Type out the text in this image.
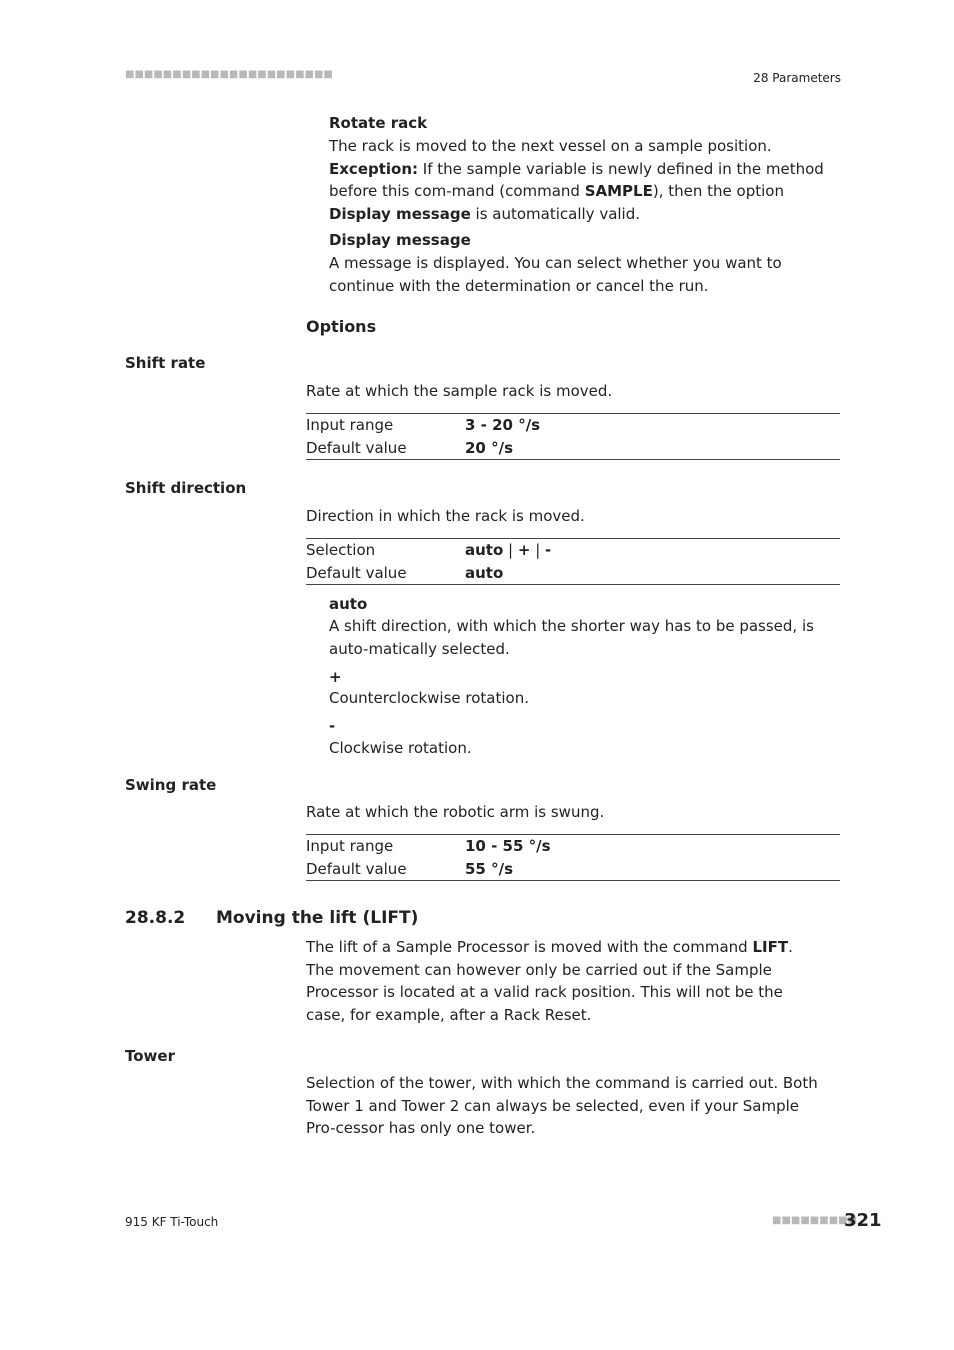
■■■■■■■■■■■■■■■■■■■■■■	28 Parameters
Rotate rack
The rack is moved to the next vessel on a sample position. Exception: If the sample variable is newly defined in the method before this com-mand (command SAMPLE), then the option Display message is automatically valid.
Display message
A message is displayed. You can select whether you want to continue with the determination or cancel the run.
Options
Shift rate
Rate at which the sample rack is moved.
Input range	3 - 20 °/s
Default value	20 °/s
Shift direction
Direction in which the rack is moved.
Selection	auto | + | -
Default value	auto
auto
A shift direction, with which the shorter way has to be passed, is auto-matically selected.
+
Counterclockwise rotation.
-
Clockwise rotation.
Swing rate
Rate at which the robotic arm is swung.
Input range	10 - 55 °/s
Default value	55 °/s
28.8.2 Moving the lift (LIFT)
The lift of a Sample Processor is moved with the command LIFT. The movement can however only be carried out if the Sample Processor is located at a valid rack position. This will not be the case, for example, after a Rack Reset.
Tower
Selection of the tower, with which the command is carried out. Both Tower 1 and Tower 2 can always be selected, even if your Sample Pro-cessor has only one tower.
915 KF Ti-Touch	■■■■■■■■■
321
